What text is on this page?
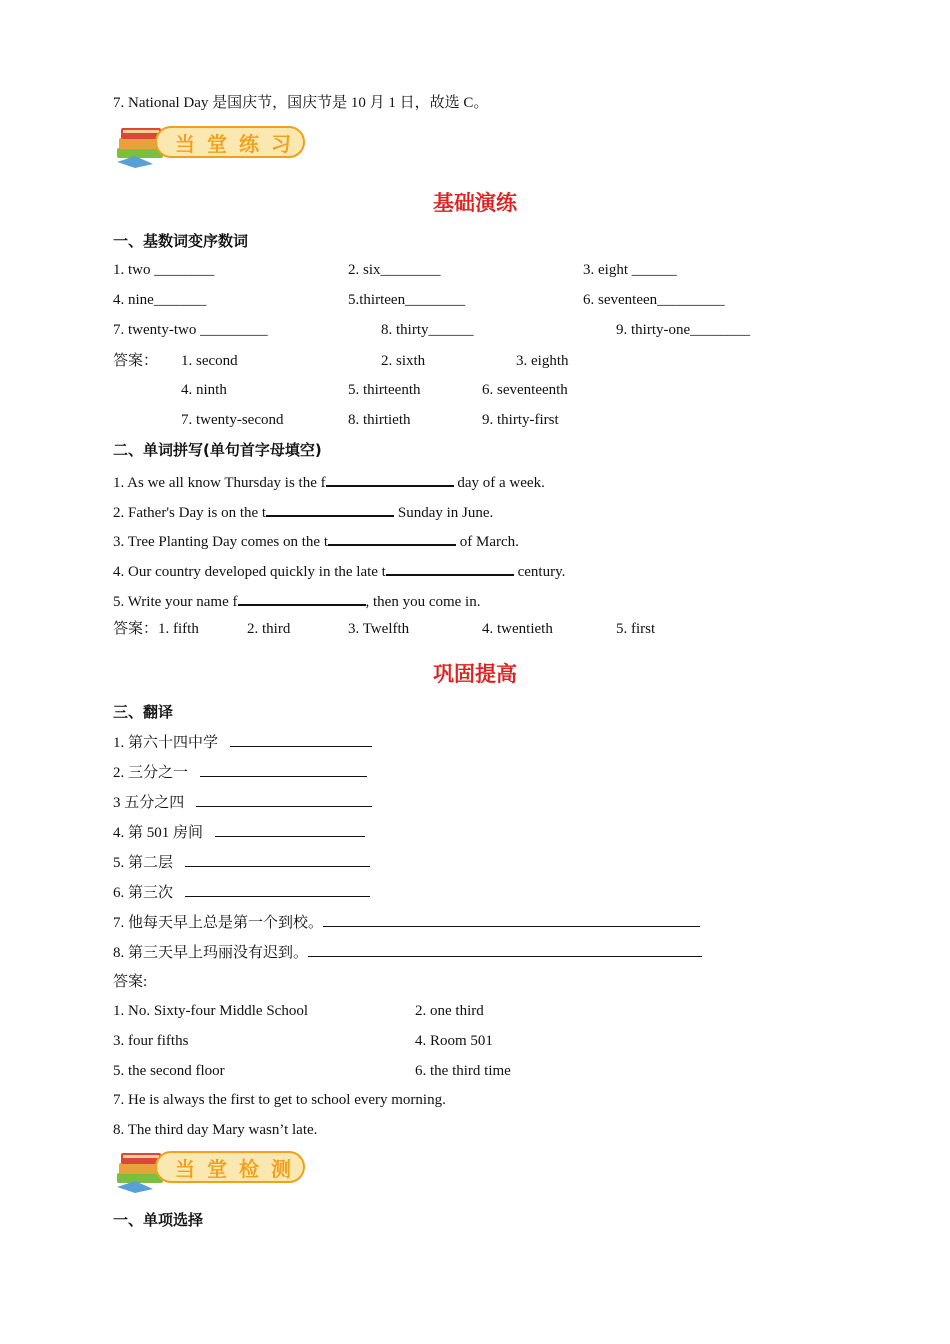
7. National Day 是国庆节，国庆节是 10 月 1 日，故选 C。
当堂练习
基础演练
一、基数词变序数词
1. two ________	2. six________	3. eight ______
4. nine_______	5.thirteen________	6. seventeen_________
7. twenty-two _________	8. thirty______	9. thirty-one________
答案： 1. second	2. sixth	3. eighth
4. ninth	5. thirteenth	6. seventeenth
7. twenty-second	8. thirtieth	9. thirty-first
二、单词拼写(单句首字母填空)
1. As we all know Thursday is the f	day of a week.
2. Father's Day is on the t	Sunday in June.
3. Tree Planting Day comes on the t	of March.
4. Our country developed quickly in the late t	century.
5. Write your name f	, then you come in.
答案：1. fifth	2. third	3. Twelfth	4. twentieth	5. first
巩固提高
三、翻译
1. 第六十四中学
2. 三分之一
3 五分之四
4. 第 501 房间
5. 第二层
6. 第三次
7. 他每天早上总是第一个到校。
8. 第三天早上玛丽没有迟到。
答案:
1. No. Sixty-four Middle School	2. one third
3. four fifths	4. Room 501
5. the second floor	6. the third time
7. He is always the first to get to school every morning.
8. The third day Mary wasn’t late.
当堂检测
一、单项选择
